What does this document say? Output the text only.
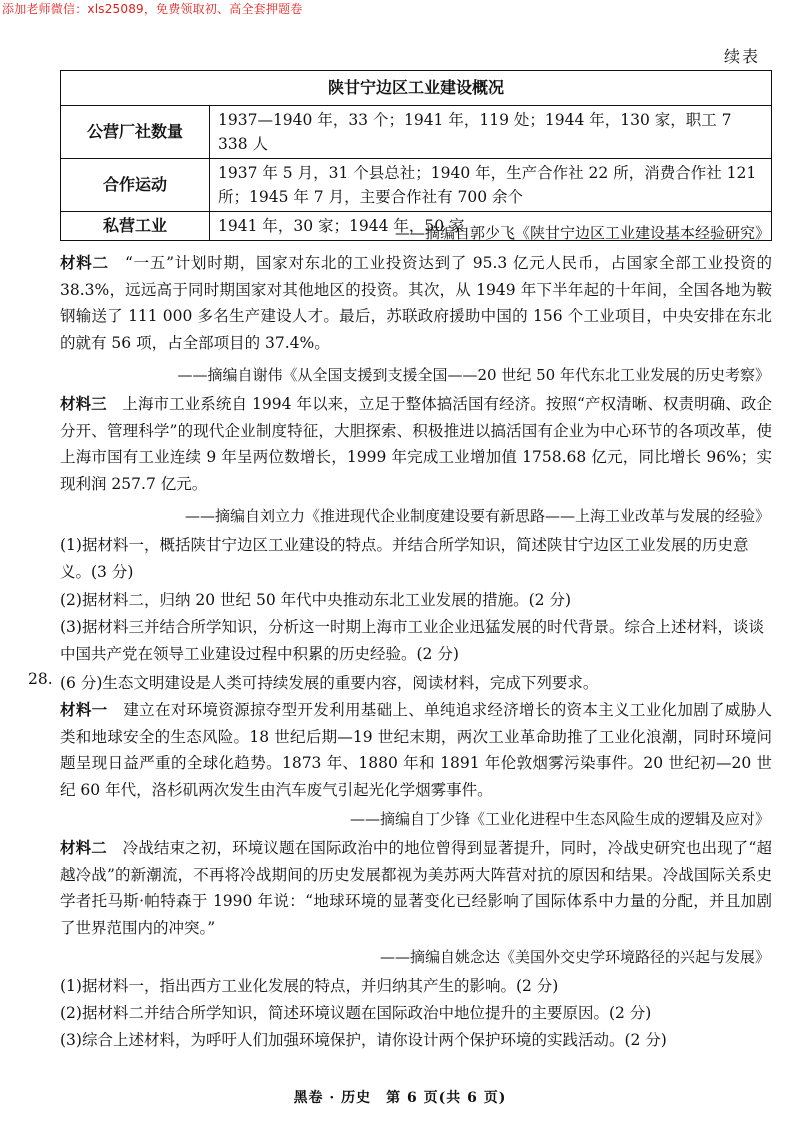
添加老师微信：xls25089，免费领取初、高全套押题卷
续表
陕甘宁边区工业建设概况	
公营厂社数量	1937—1940 年，33 个；1941 年，119 处；1944 年，130 家，职工 7 338 人
合作运动	1937 年 5 月，31 个县总社；1940 年，生产合作社 22 所，消费合作社 121 所；1945 年 7 月，主要合作社有 700 余个
私营工业	1941 年，30 家；1944 年，50 家
——摘编自郭少飞《陕甘宁边区工业建设基本经验研究》
材料二　 “一五”计划时期，国家对东北的工业投资达到了 95.3 亿元人民币，占国家全部工业投资的 38.3%，远远高于同时期国家对其他地区的投资。其次，从 1949 年下半年起的十年间，全国各地为鞍钢输送了 111 000 多名生产建设人才。最后，苏联政府援助中国的 156 个工业项目，中央安排在东北的就有 56 项，占全部项目的 37.4%。
——摘编自谢伟《从全国支援到支援全国——20 世纪 50 年代东北工业发展的历史考察》
材料三　 上海市工业系统自 1994 年以来，立足于整体搞活国有经济。按照“产权清晰、权责明确、政企分开、管理科学”的现代企业制度特征，大胆探索、积极推进以搞活国有企业为中心环节的各项改革，使上海市国有工业连续 9 年呈两位数增长，1999 年完成工业增加值 1758.68 亿元，同比增长 96%；实现利润 257.7 亿元。
——摘编自刘立力《推进现代企业制度建设要有新思路——上海工业改革与发展的经验》
(1)据材料一，概括陕甘宁边区工业建设的特点。并结合所学知识，简述陕甘宁边区工业发展的历史意义。(3 分)
(2)据材料二，归纳 20 世纪 50 年代中央推动东北工业发展的措施。(2 分)
(3)据材料三并结合所学知识，分析这一时期上海市工业企业迅猛发展的时代背景。综合上述材料，谈谈中国共产党在领导工业建设过程中积累的历史经验。(2 分)
28. (6 分)生态文明建设是人类可持续发展的重要内容，阅读材料，完成下列要求。
材料一　 建立在对环境资源掠夺型开发利用基础上、单纯追求经济增长的资本主义工业化加剧了威胁人类和地球安全的生态风险。18 世纪后期—19 世纪末期，两次工业革命助推了工业化浪潮，同时环境问题呈现日益严重的全球化趋势。1873 年、1880 年和 1891 年伦敦烟雾污染事件。20 世纪初—20 世纪 60 年代，洛杉矶两次发生由汽车废气引起光化学烟雾事件。
——摘编自丁少锋《工业化进程中生态风险生成的逻辑及应对》
材料二　 冷战结束之初，环境议题在国际政治中的地位曾得到显著提升，同时，冷战史研究也出现了“超越冷战”的新潮流，不再将冷战期间的历史发展都视为美苏两大阵营对抗的原因和结果。冷战国际关系史学者托马斯·帕特森于 1990 年说：“地球环境的显著变化已经影响了国际体系中力量的分配，并且加剧了世界范围内的冲突。”
——摘编自姚念达《美国外交史学环境路径的兴起与发展》
(1)据材料一，指出西方工业化发展的特点，并归纳其产生的影响。(2 分)
(2)据材料二并结合所学知识，简述环境议题在国际政治中地位提升的主要原因。(2 分)
(3)综合上述材料，为呼吁人们加强环境保护，请你设计两个保护环境的实践活动。(2 分)
黑卷 · 历史　第 6 页(共 6 页)
